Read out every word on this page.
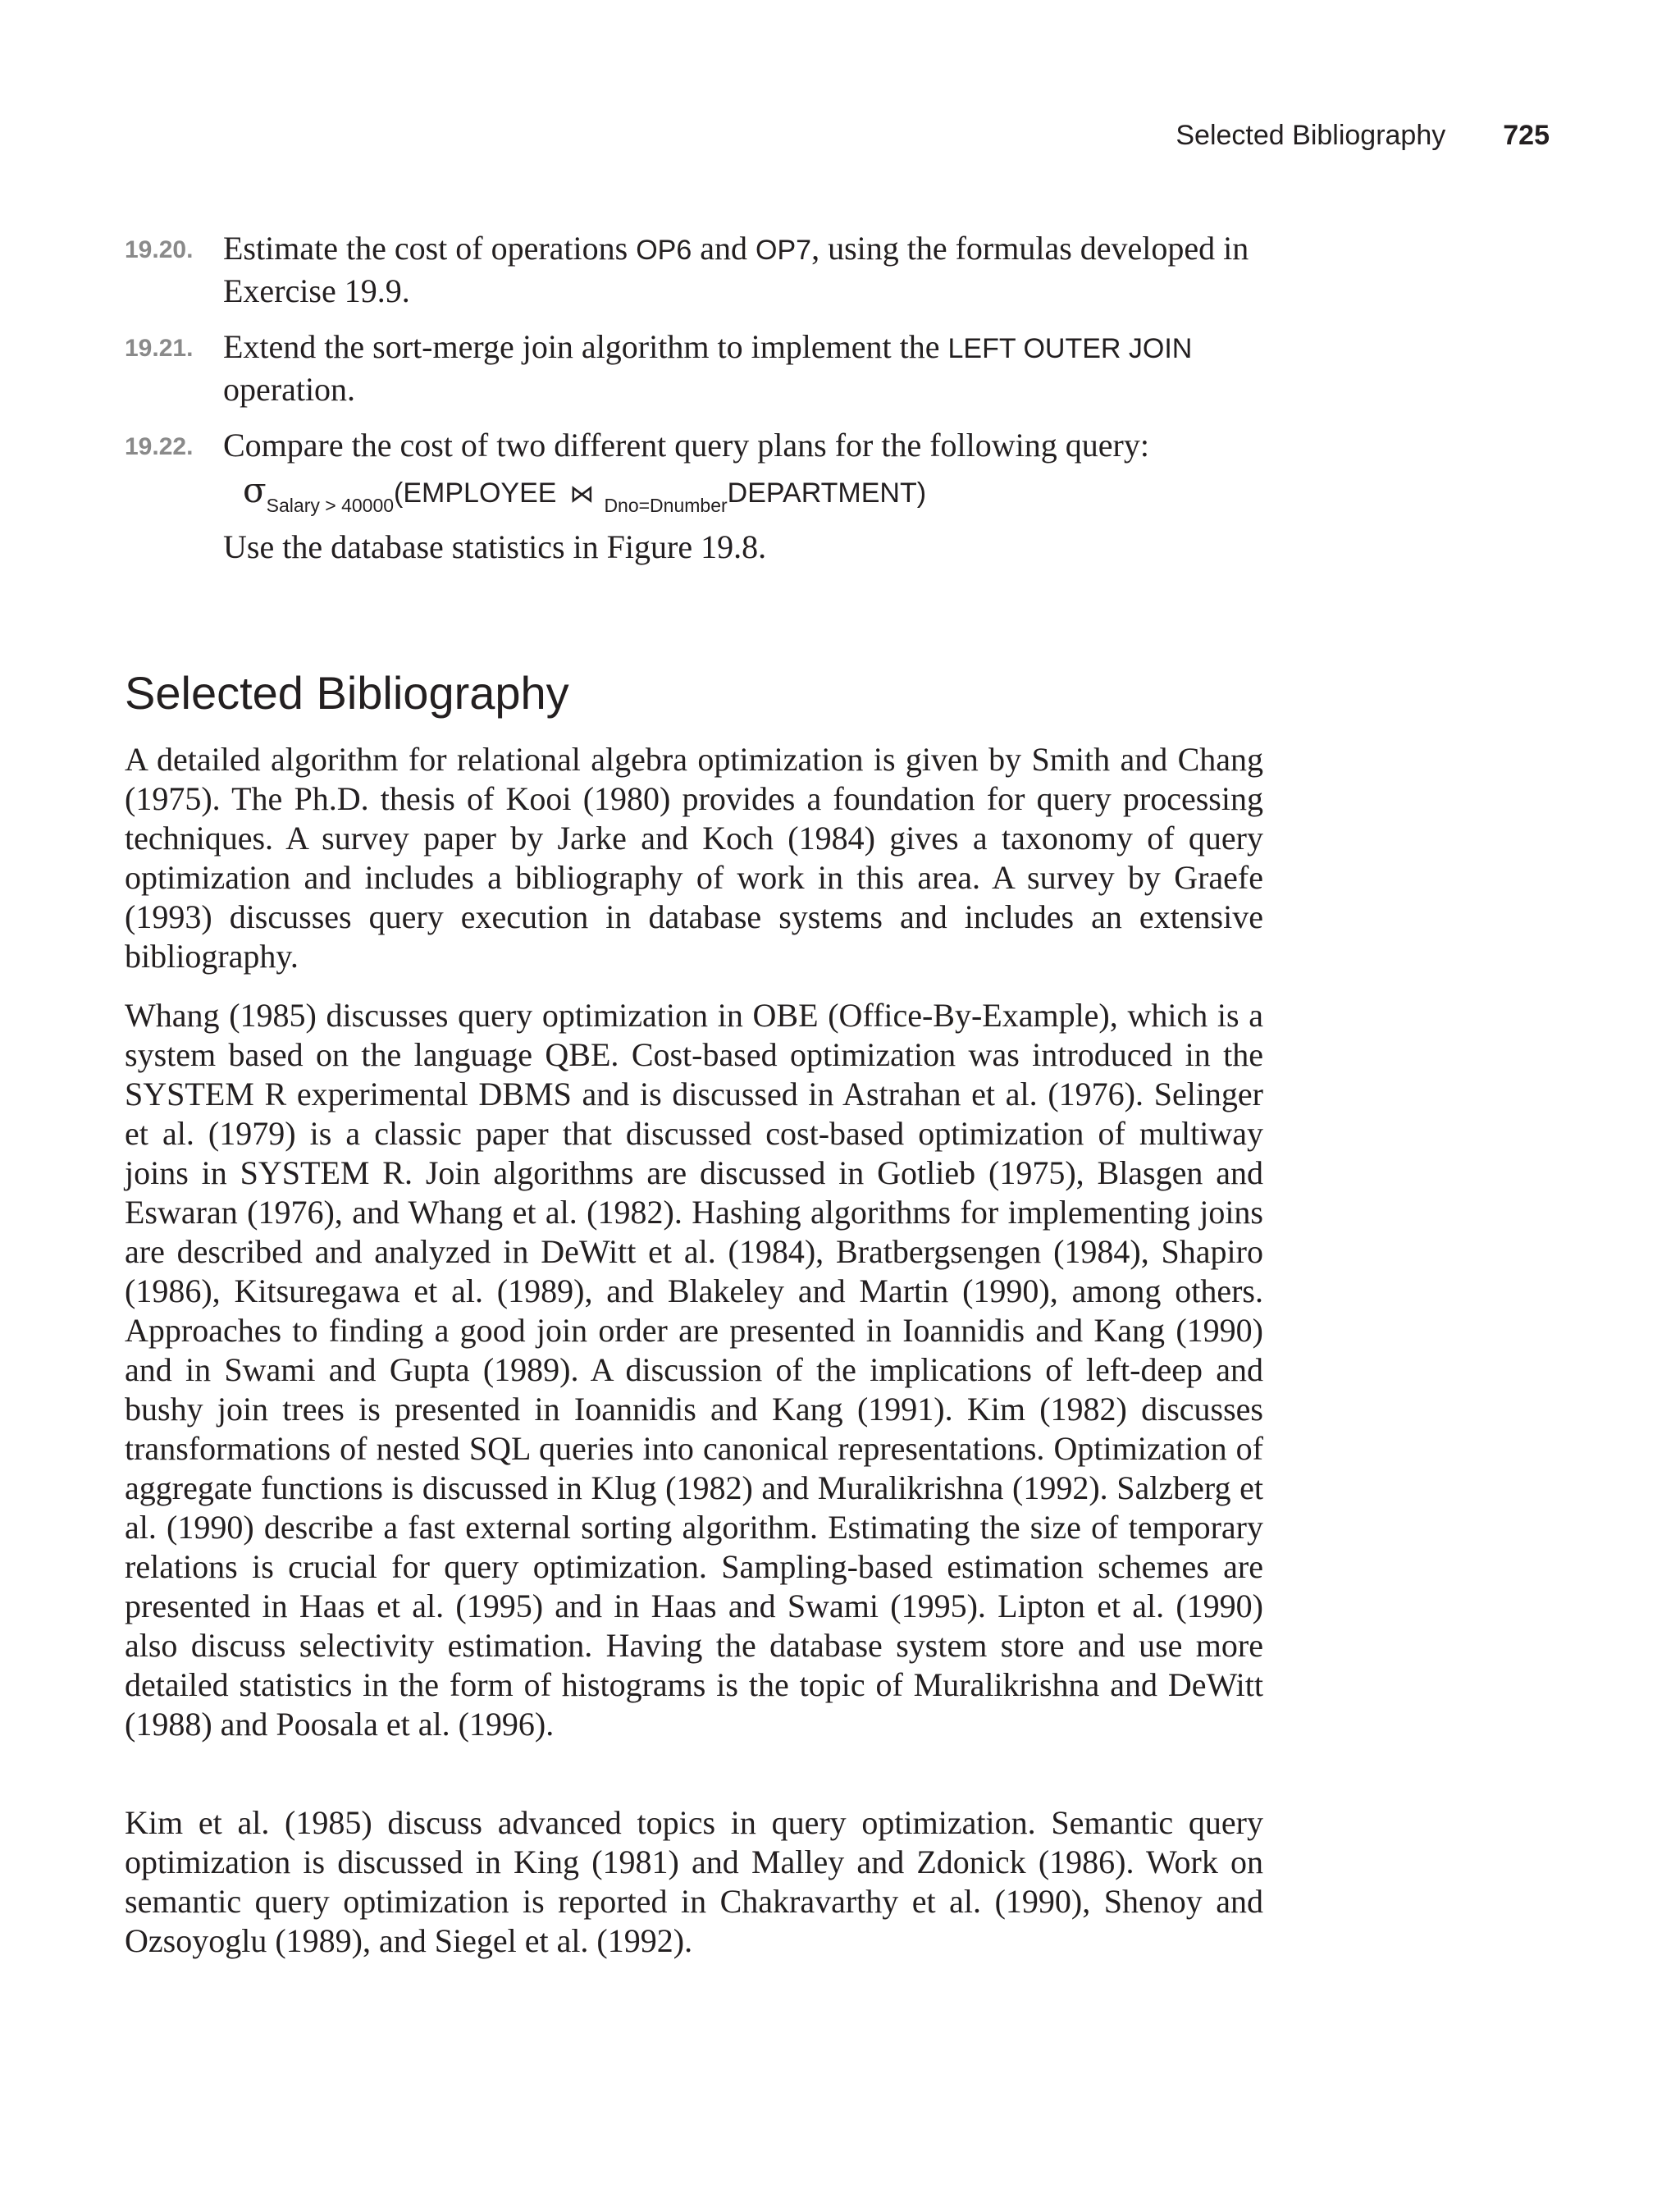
Selected Bibliography 725
19.20. Estimate the cost of operations OP6 and OP7, using the formulas developed in Exercise 19.9.
19.21. Extend the sort-merge join algorithm to implement the LEFT OUTER JOIN operation.
19.22. Compare the cost of two different query plans for the following query:
$\sigma_{Salary > 40000}(EMPLOYEE$ ⋈ $_{Dno=Dnumber}$DEPARTMENT)
Use the database statistics in Figure 19.8.
Selected Bibliography

A detailed algorithm for relational algebra optimization is given by Smith and Chang (1975). The Ph.D. thesis of Kooi (1980) provides a foundation for query processing techniques. A survey paper by Jarke and Koch (1984) gives a taxonomy of query optimization and includes a bibliography of work in this area. A survey by Graefe (1993) discusses query execution in database systems and includes an extensive bibliography.

Whang (1985) discusses query optimization in OBE (Office-By-Example), which is a system based on the language QBE. Cost-based optimization was introduced in the SYSTEM R experimental DBMS and is discussed in Astrahan et al. (1976). Selinger et al. (1979) is a classic paper that discussed cost-based optimization of multiway joins in SYSTEM R. Join algorithms are discussed in Gotlieb (1975), Blasgen and Eswaran (1976), and Whang et al. (1982). Hashing algorithms for implementing joins are described and analyzed in DeWitt et al. (1984), Bratbergsengen (1984), Shapiro (1986), Kitsuregawa et al. (1989), and Blakeley and Martin (1990), among others. Approaches to finding a good join order are presented in Ioannidis and Kang (1990) and in Swami and Gupta (1989). A discussion of the implications of left-deep and bushy join trees is presented in Ioannidis and Kang (1991). Kim (1982) discusses transformations of nested SQL queries into canonical representations. Optimization of aggregate functions is discussed in Klug (1982) and Muralikrishna (1992). Salzberg et al. (1990) describe a fast external sorting algorithm. Estimating the size of temporary relations is crucial for query optimization. Sampling-based estimation schemes are presented in Haas et al. (1995) and in Haas and Swami (1995). Lipton et al. (1990) also discuss selectivity estimation. Having the database system store and use more detailed statistics in the form of histograms is the topic of Muralikrishna and DeWitt (1988) and Poosala et al. (1996).

Kim et al. (1985) discuss advanced topics in query optimization. Semantic query optimization is discussed in King (1981) and Malley and Zdonick (1986). Work on semantic query optimization is reported in Chakravarthy et al. (1990), Shenoy and Ozsoyoglu (1989), and Siegel et al. (1992).
